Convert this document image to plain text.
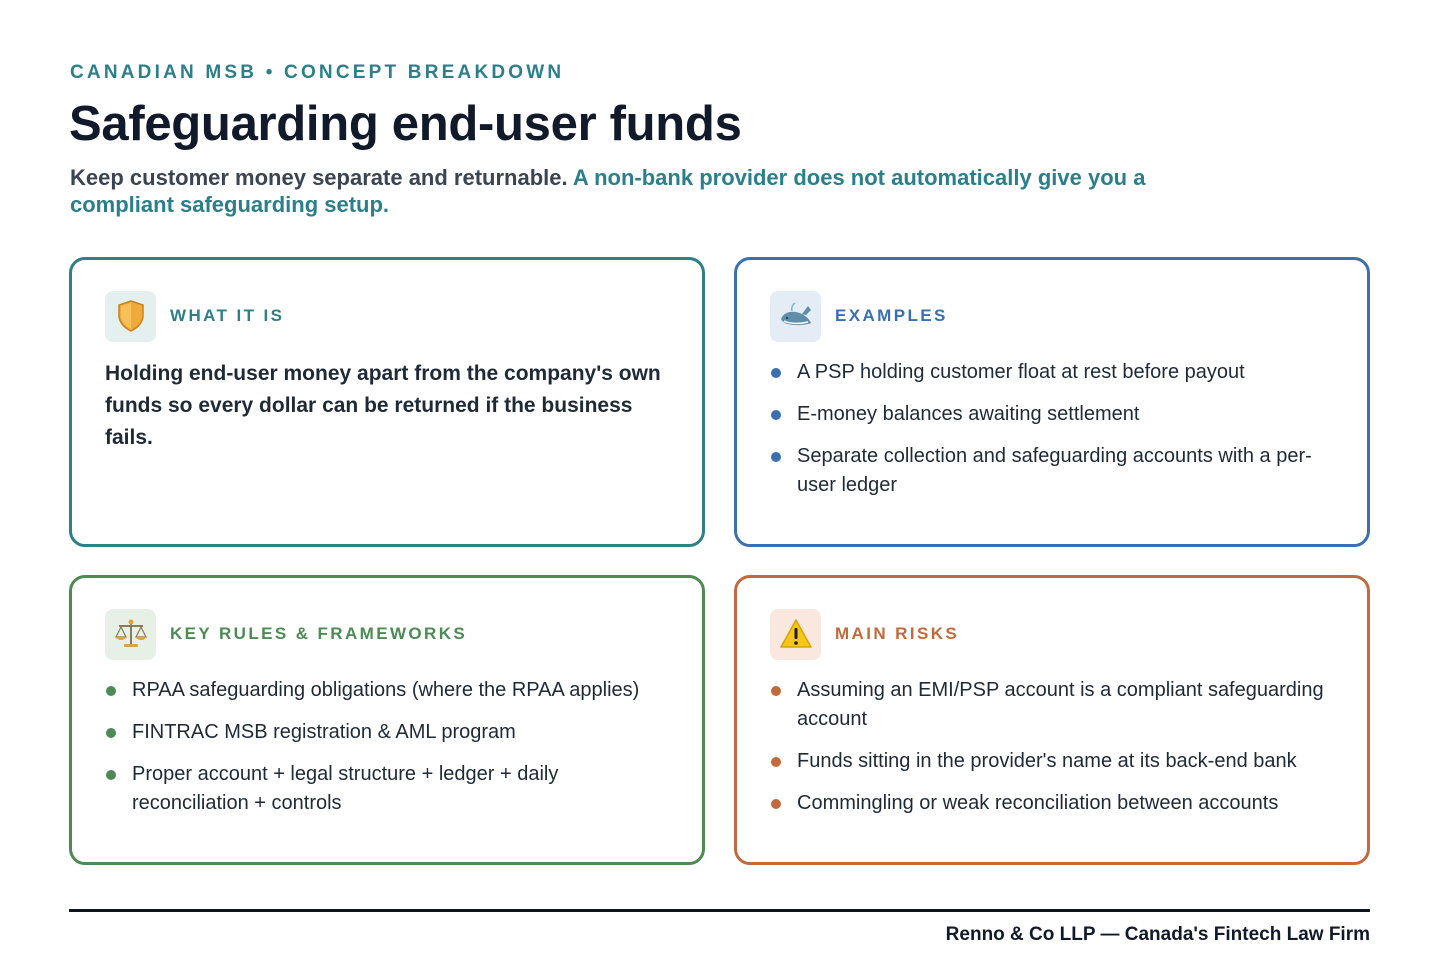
CANADIAN MSB • CONCEPT BREAKDOWN
Safeguarding end-user funds

Keep customer money separate and returnable. A non-bank provider does not automatically give you a compliant safeguarding setup.

WHAT IT IS

Holding end-user money apart from the company's own funds so every dollar can be returned if the business fails.

EXAMPLES
A PSP holding customer float at rest before payout
E-money balances awaiting settlement
Separate collection and safeguarding accounts with a per-user ledger
KEY RULES & FRAMEWORKS
RPAA safeguarding obligations (where the RPAA applies)
FINTRAC MSB registration & AML program
Proper account + legal structure + ledger + daily reconciliation + controls
MAIN RISKS
Assuming an EMI/PSP account is a compliant safeguarding account
Funds sitting in the provider's name at its back-end bank
Commingling or weak reconciliation between accounts
Renno & Co LLP — Canada's Fintech Law Firm
